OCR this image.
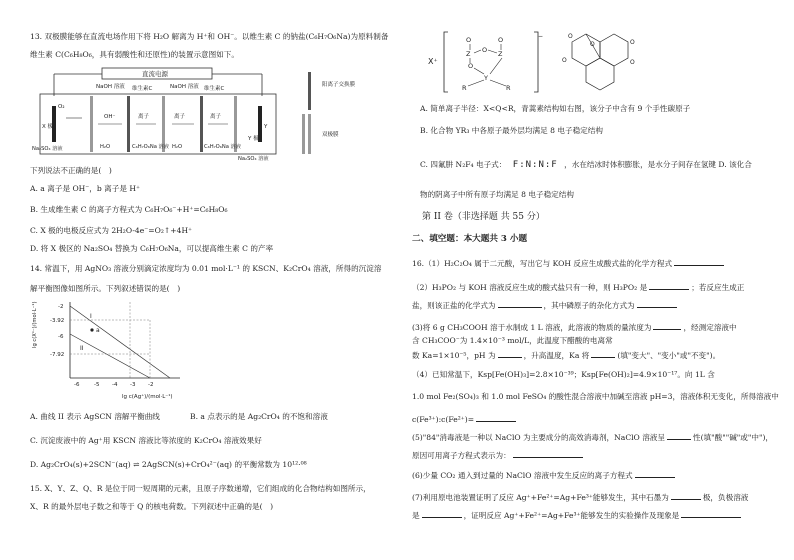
13. 双极膜能够在直流电场作用下将 H₂O 解离为 H⁺和 OH⁻。以维生素 C 的钠盐(C₆H₇O₆Na)为原料制备
维生素 C(C₆H₈O₆，具有弱酸性和还原性)的装置示意图如下。
直流电源
O₂
OH⁻	离子	离子	离子
Y
NaOH 溶液 维生素C	NaOH 溶液 维生素C
Na₂SO₄ 溶液	H₂O	C₆H₇O₆Na 溶液 H₂O	C₆H₇O₆Na 溶液
Na₂SO₄ 溶液
X 极
Y 极
阳离子交换膜
双极膜
下列说法不正确的是(　)
A. a 离子是 OH⁻，b 离子是 H⁺
B. 生成维生素 C 的离子方程式为 C₆H₇O₆⁻+H⁺=C₆H₈O₆
C. X 极的电极反应式为 2H₂O-4e⁻=O₂↑+4H⁺
D. 将 X 极区的 Na₂SO₄ 替换为 C₆H₇O₆Na，可以提高维生素 C 的产率
14. 常温下，用 AgNO₃ 溶液分别滴定浓度均为 0.01 mol·L⁻¹ 的 KSCN、K₂CrO₄ 溶液，所得的沉淀溶
解平衡图像如图所示。下列叙述错误的是(　)
a
I
II
-2
-3.92
-6
-7.92
-6	-5 -4 -3 -2
lg c(Ag⁺)/(mol·L⁻¹)
lg c(Xⁿ⁻)/(mol·L⁻¹)
A. 曲线 II 表示 AgSCN 溶解平衡曲线	B. a 点表示的是 Ag₂CrO₄ 的不饱和溶液
C. 沉淀废液中的 Ag⁺用 KSCN 溶液比等浓度的 K₂CrO₄ 溶液效果好
D. Ag₂CrO₄(s)+2SCN⁻(aq) ⇌ 2AgSCN(s)+CrO₄²⁻(aq) 的平衡常数为 10¹²·⁰⁸
15. X、Y、Z、Q、R 是位于同一短周期的元素，且原子序数递增，它们组成的化合物结构如图所示，
X、R 的最外层电子数之和等于 Q 的核电荷数。下列叙述中正确的是(　)
X⁺
−
O	O
Z O Z
O
Y
R	R
O
O
O	O
O
A. 简单离子半径：X<Q<R，青蒿素结构如右图，该分子中含有 9 个手性碳原子
B. 化合物 YR₃ 中各原子最外层均满足 8 电子稳定结构
C. 四氟肼 N₂F₄ 电子式： F:N:N:F ，水在结冰时体积膨胀，是水分子间存在氢键 D. 该化合
物的阴离子中所有原子均满足 8 电子稳定结构
第 II 卷（非选择题 共 55 分）
二、填空题：本大题共 3 小题
16.（1）H₂C₂O₄ 属于二元酸，写出它与 KOH 反应生成酸式盐的化学方程式
（2）H₃PO₂ 与 KOH 溶液反应生成的酸式盐只有一种，则 H₃PO₂ 是	；若反应生成正
盐，则该正盐的化学式为	，其中磷原子的杂化方式为
(3)将 6 g CH₃COOH 溶于水制成 1 L 溶液，此溶液的物质的量浓度为	，经测定溶液中
含 CH₃COO⁻为 1.4×10⁻³ mol/L，此温度下醋酸的电离常
数 Ka=1×10⁻⁵，pH 为	，升高温度，Ka 将	(填"变大"、"变小"或"不变")。
（4）已知常温下，Ksp[Fe(OH)₃]=2.8×10⁻³⁹；Ksp[Fe(OH)₂]=4.9×10⁻¹⁷。向 1L 含
1.0 mol Fe₂(SO₄)₃ 和 1.0 mol FeSO₄ 的酸性混合溶液中加碱至溶液 pH=3，溶液体积无变化，所得溶液中
c(Fe³⁺):c(Fe²⁺)=
(5)"84"消毒液是一种以 NaClO 为主要成分的高效消毒剂，NaClO 溶液呈	性(填"酸""碱"或"中")，
原因可用离子方程式表示为：
(6)少量 CO₂ 通入到过量的 NaClO 溶液中发生反应的离子方程式
(7)利用原电池装置证明了反应 Ag⁺+Fe²⁺=Ag+Fe³⁺能够发生，其中石墨为	极，负极溶液
是	，证明反应 Ag⁺+Fe²⁺=Ag+Fe³⁺能够发生的实验操作及现象是
